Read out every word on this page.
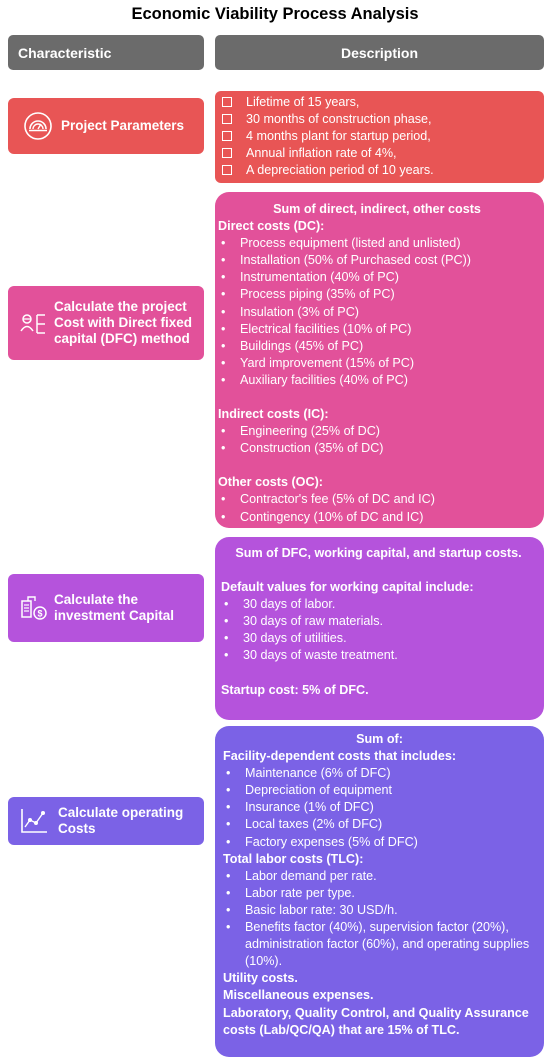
Economic Viability Process Analysis
Characteristic	Description
Project Parameters
Lifetime of 15 years,
30 months of construction phase,
4 months plant for startup period,
Annual inflation rate of 4%,
A depreciation period of 10 years.
Calculate the project Cost with Direct fixed capital (DFC) method
Sum of direct, indirect, other costs
Direct costs (DC):
• Process equipment (listed and unlisted)
• Installation (50% of Purchased cost (PC))
• Instrumentation (40% of PC)
• Process piping (35% of PC)
• Insulation (3% of PC)
• Electrical facilities (10% of PC)
• Buildings (45% of PC)
• Yard improvement (15% of PC)
• Auxiliary facilities (40% of PC)
Indirect costs (IC):
• Engineering (25% of DC)
• Construction (35% of DC)
Other costs (OC):
• Contractor's fee (5% of DC and IC)
• Contingency (10% of DC and IC)
$
Calculate the investment Capital
Sum of DFC, working capital, and startup costs.
Default values for working capital include:
• 30 days of labor.
• 30 days of raw materials.
• 30 days of utilities.
• 30 days of waste treatment.
Startup cost: 5% of DFC.
Calculate operating Costs
Sum of:
Facility-dependent costs that includes:
• Maintenance (6% of DFC)
• Depreciation of equipment
• Insurance (1% of DFC)
• Local taxes (2% of DFC)
• Factory expenses (5% of DFC)
Total labor costs (TLC):
• Labor demand per rate.
• Labor rate per type.
• Basic labor rate: 30 USD/h.
• Benefits factor (40%), supervision factor (20%), administration factor (60%), and operating supplies (10%).
Utility costs.
Miscellaneous expenses.
Laboratory, Quality Control, and Quality Assurance costs (Lab/QC/QA) that are 15% of TLC.
